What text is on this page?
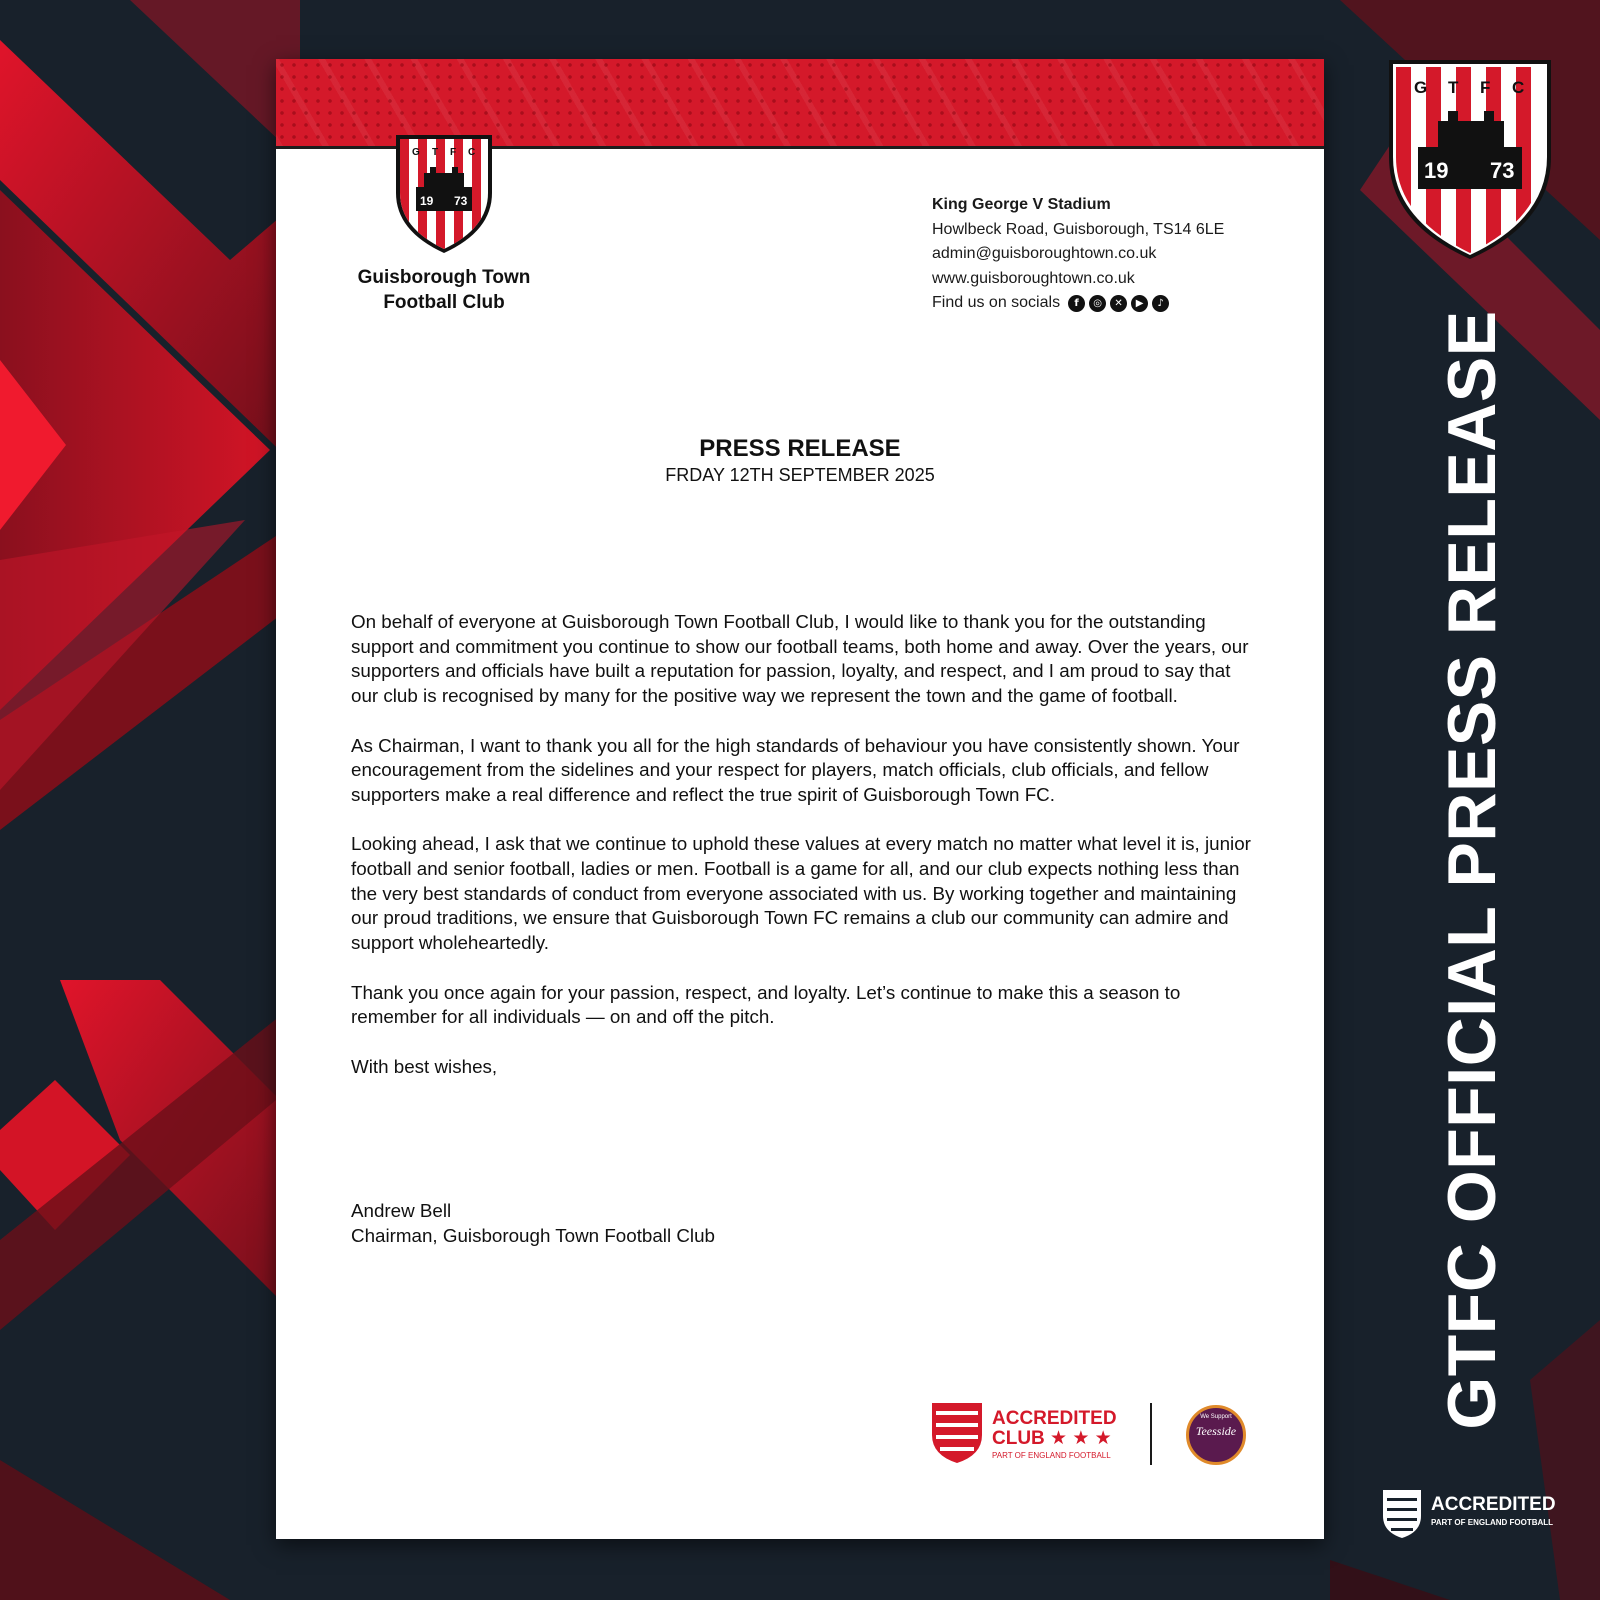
G T F C
19 73
Guisborough Town
Football Club
King George V Stadium
Howlbeck Road, Guisborough, TS14 6LE
admin@guisboroughtown.co.uk
www.guisboroughtown.co.uk
Find us on socials	f	◎	✕	▶	♪
PRESS RELEASE
FRDAY 12TH SEPTEMBER 2025

On behalf of everyone at Guisborough Town Football Club, I would like to thank you for the outstanding support and commitment you continue to show our football teams, both home and away. Over the years, our supporters and officials have built a reputation for passion, loyalty, and respect, and I am proud to say that our club is recognised by many for the positive way we represent the town and the game of football.

As Chairman, I want to thank you all for the high standards of behaviour you have consistently shown. Your encouragement from the sidelines and your respect for players, match officials, club officials, and fellow supporters make a real difference and reflect the true spirit of Guisborough Town FC.

Looking ahead, I ask that we continue to uphold these values at every match no matter what level it is, junior football and senior football, ladies or men. Football is a game for all, and our club expects nothing less than the very best standards of conduct from everyone associated with us. By working together and maintaining our proud traditions, we ensure that Guisborough Town FC remains a club our community can admire and support wholeheartedly.

Thank you once again for your passion, respect, and loyalty. Let’s continue to make this a season to remember for all individuals — on and off the pitch.

With best wishes,

Andrew Bell
Chairman, Guisborough Town Football Club
ACCREDITED
CLUB ★ ★ ★
PART OF ENGLAND FOOTBALL
We Support
Teesside
G T F C
19 73
GTFC OFFICIAL PRESS RELEASE
ACCREDITED
PART OF ENGLAND FOOTBALL
